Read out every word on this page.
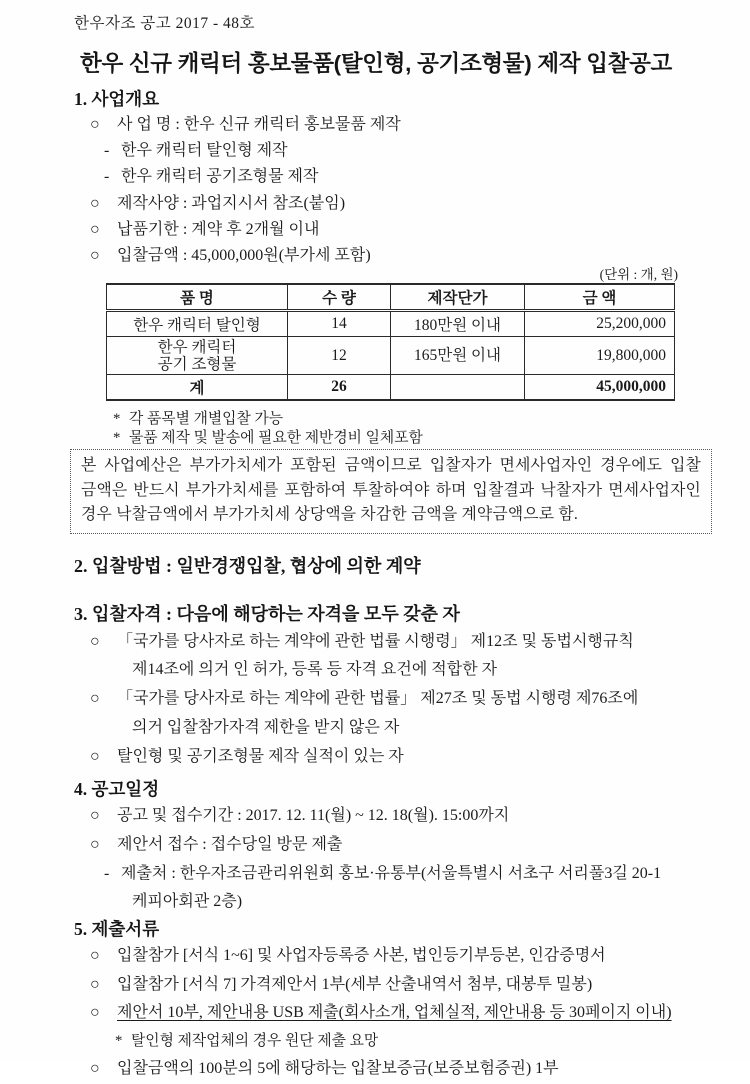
한우자조 공고 2017 - 48호
한우 신규 캐릭터 홍보물품(탈인형, 공기조형물) 제작 입찰공고
1. 사업개요
○ 사 업 명 : 한우 신규 캐릭터 홍보물품 제작
- 한우 캐릭터 탈인형 제작
- 한우 캐릭터 공기조형물 제작
○ 제작사양 : 과업지시서 참조(붙임)
○ 납품기한 : 계약 후 2개월 이내
○ 입찰금액 : 45,000,000원(부가세 포함)
(단위 : 개, 원)
품 명	수 량	제작단가	금 액
한우 캐릭터 탈인형	14	180만원 이내	25,200,000

한우 캐릭터
공기 조형물	12	165만원 이내	19,800,000
계	26		45,000,000
* 각 품목별 개별입찰 가능
* 물품 제작 및 발송에 필요한 제반경비 일체포함
본 사업예산은 부가가치세가 포함된 금액이므로 입찰자가 면세사업자인 경우에도 입찰
금액은 반드시 부가가치세를 포함하여 투찰하여야 하며 입찰결과 낙찰자가 면세사업자인
경우 낙찰금액에서 부가가치세 상당액을 차감한 금액을 계약금액으로 함.
2. 입찰방법 : 일반경쟁입찰, 협상에 의한 계약
3. 입찰자격 : 다음에 해당하는 자격을 모두 갖춘 자
○ 「국가를 당사자로 하는 계약에 관한 법률 시행령」 제12조 및 동법시행규칙
제14조에 의거 인 허가, 등록 등 자격 요건에 적합한 자
○ 「국가를 당사자로 하는 계약에 관한 법률」 제27조 및 동법 시행령 제76조에
의거 입찰참가자격 제한을 받지 않은 자
○ 탈인형 및 공기조형물 제작 실적이 있는 자
4. 공고일정
○ 공고 및 접수기간 : 2017. 12. 11(월) ~ 12. 18(월). 15:00까지
○ 제안서 접수 : 접수당일 방문 제출
- 제출처 : 한우자조금관리위원회 홍보·유통부(서울특별시 서초구 서리풀3길 20-1
케피아회관 2층)
5. 제출서류
○ 입찰참가 [서식 1~6] 및 사업자등록증 사본, 법인등기부등본, 인감증명서
○ 입찰참가 [서식 7] 가격제안서 1부(세부 산출내역서 첨부, 대봉투 밀봉)
○ 제안서 10부, 제안내용 USB 제출(회사소개, 업체실적, 제안내용 등 30페이지 이내)
* 탈인형 제작업체의 경우 원단 제출 요망
○ 입찰금액의 100분의 5에 해당하는 입찰보증금(보증보험증권) 1부
